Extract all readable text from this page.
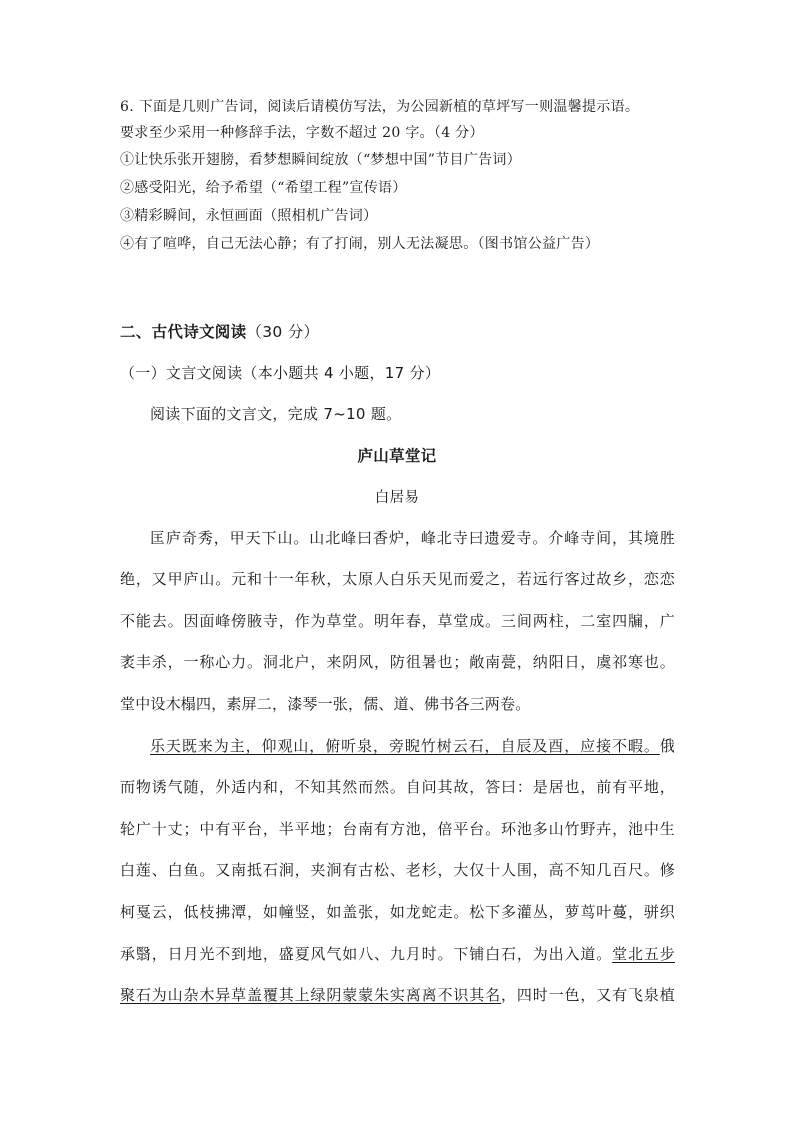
6. 下面是几则广告词，阅读后请模仿写法，为公园新植的草坪写一则温馨提示语。
要求至少采用一种修辞手法，字数不超过 20 字。（4 分）
①让快乐张开翅膀，看梦想瞬间绽放（“梦想中国”节目广告词）
②感受阳光，给予希望（“希望工程”宣传语）
③精彩瞬间，永恒画面（照相机广告词）
④有了喧哗，自己无法心静；有了打闹，别人无法凝思。（图书馆公益广告）
二、古代诗文阅读（30 分）
（一）文言文阅读（本小题共 4 小题，17 分）
阅读下面的文言文，完成 7~10 题。
庐山草堂记
白居易
匡庐奇秀，甲天下山。山北峰曰香炉，峰北寺曰遗爱寺。介峰寺间，其境胜
绝，又甲庐山。元和十一年秋，太原人白乐天见而爱之，若远行客过故乡，恋恋
不能去。因面峰傍腋寺，作为草堂。明年春，草堂成。三间两柱，二室四牖，广
袤丰杀，一称心力。洞北户，来阴风，防徂暑也；敞南甍，纳阳日，虞祁寒也。
堂中设木榻四，素屏二，漆琴一张，儒、道、佛书各三两卷。
乐天既来为主，仰观山，俯听泉，旁睨竹树云石，自辰及酉，应接不暇。俄
而物诱气随，外适内和，不知其然而然。自问其故，答曰：是居也，前有平地，
轮广十丈；中有平台，半平地；台南有方池，倍平台。环池多山竹野卉，池中生
白莲、白鱼。又南抵石涧，夹涧有古松、老杉，大仅十人围，高不知几百尺。修
柯戛云，低枝拂潭，如幢竖，如盖张，如龙蛇走。松下多灌丛，萝茑叶蔓，骈织
承翳，日月光不到地，盛夏风气如八、九月时。下铺白石，为出入道。堂北五步
聚石为山杂木异草盖覆其上绿阴蒙蒙朱实离离不识其名，四时一色，又有飞泉植
